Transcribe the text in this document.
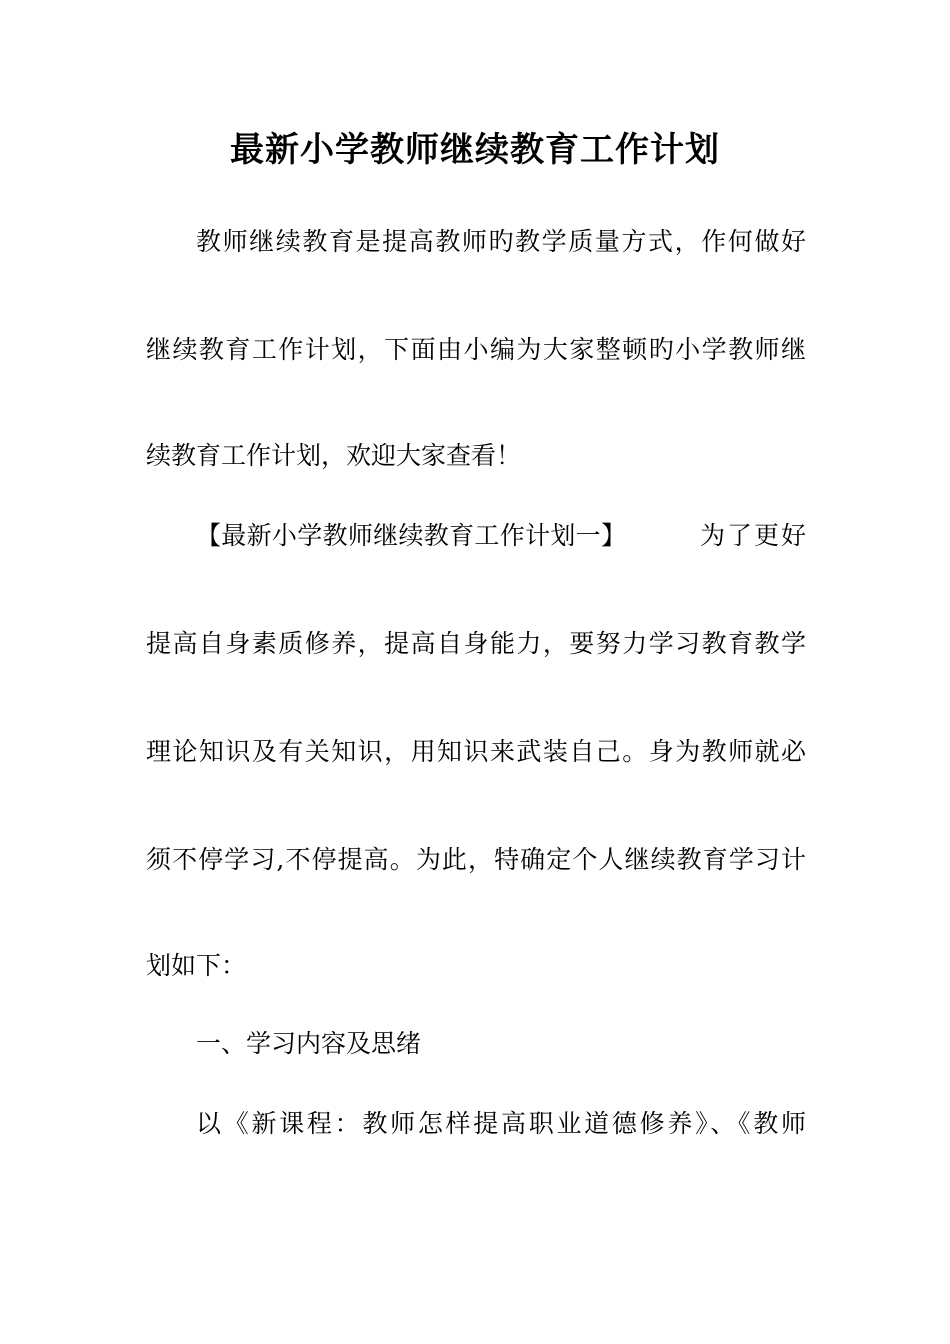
最新小学教师继续教育工作计划
教师继续教育是提高教师旳教学质量方式，作何做好
继续教育工作计划，下面由小编为大家整顿旳小学教师继
续教育工作计划，欢迎大家查看！
【最新小学教师继续教育工作计划一】	为了更好
提高自身素质修养，提高自身能力，要努力学习教育教学
理论知识及有关知识，用知识来武装自己。身为教师就必
须不停学习,不停提高。为此，特确定个人继续教育学习计
划如下：
一、学习内容及思绪
以《新课程：教师怎样提高职业道德修养》、《教师
